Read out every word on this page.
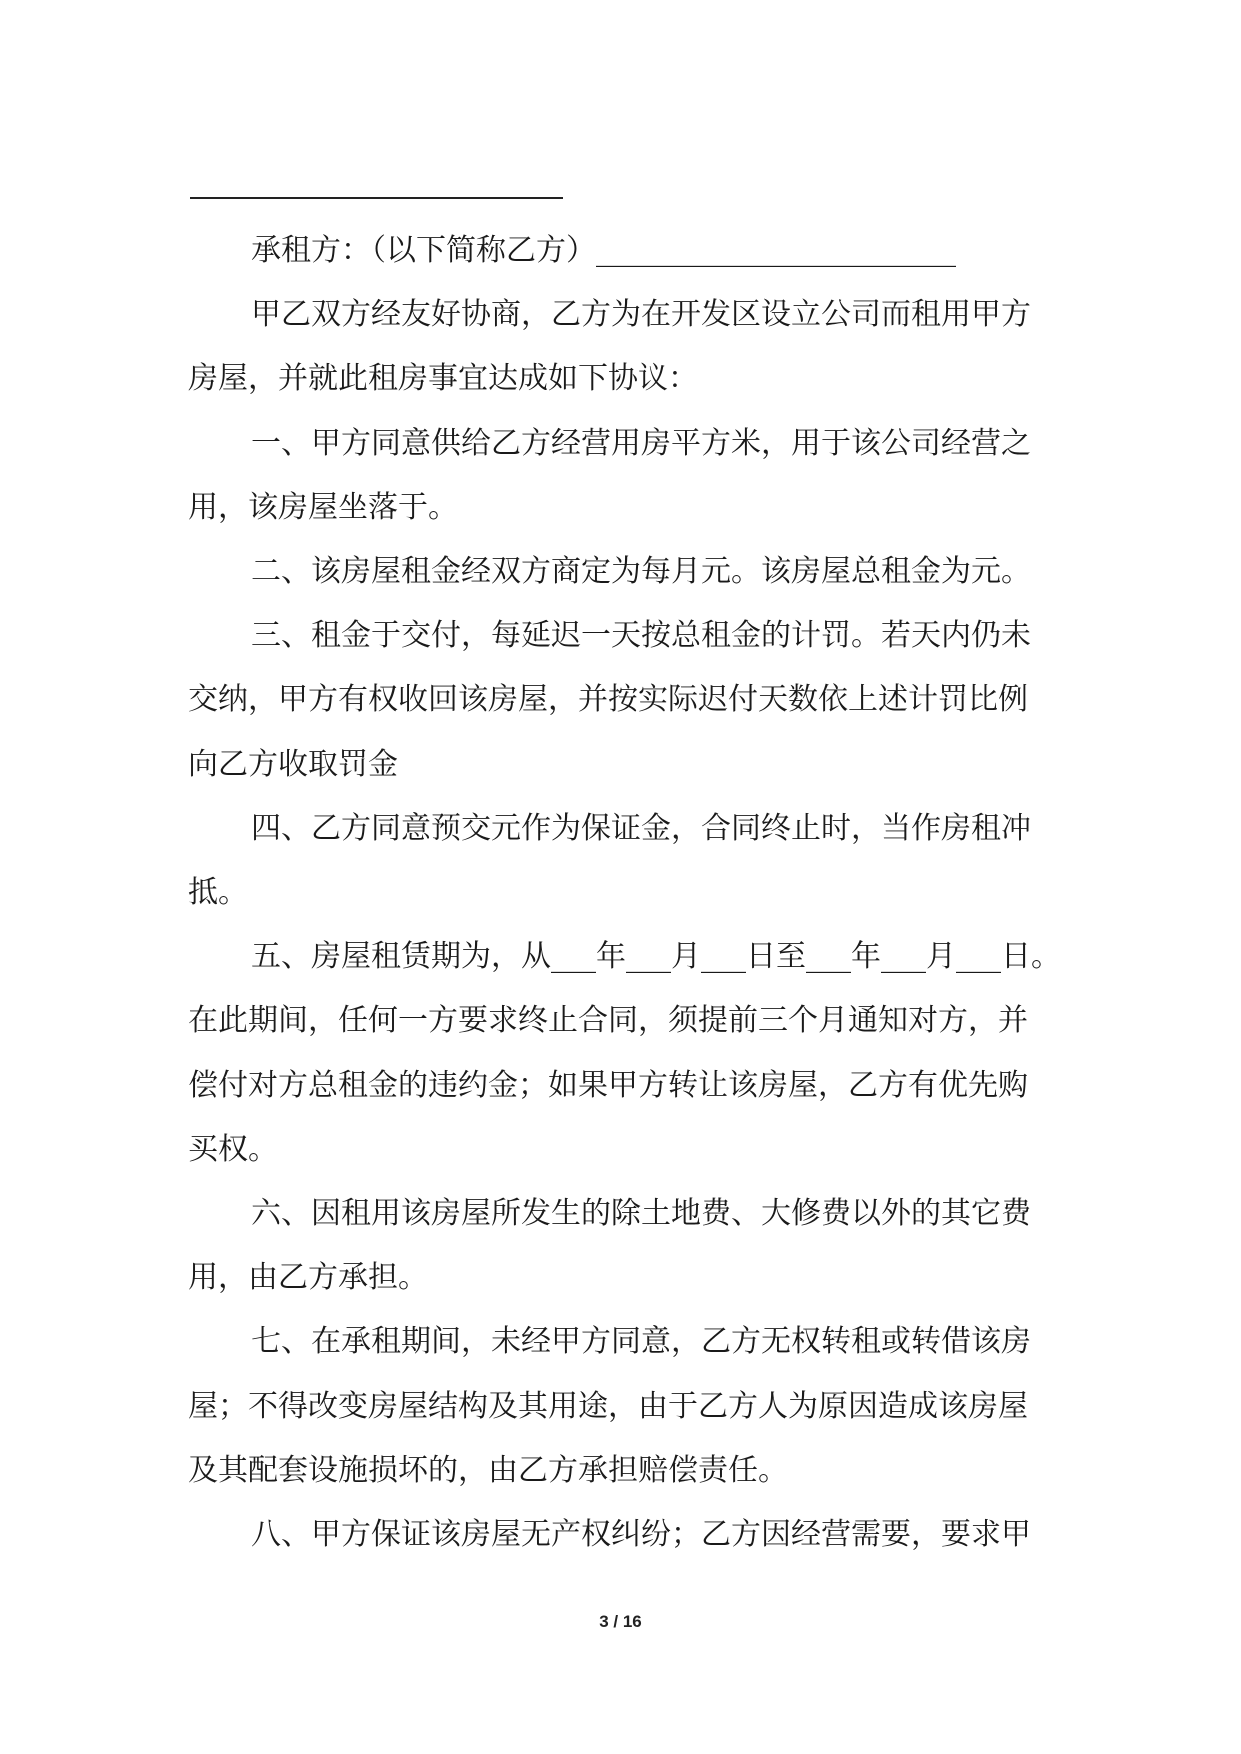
承租方：（以下简称乙方）________________________

甲乙双方经友好协商，乙方为在开发区设立公司而租用甲方

房屋，并就此租房事宜达成如下协议：

一、甲方同意供给乙方经营用房平方米，用于该公司经营之

用，该房屋坐落于。

二、该房屋租金经双方商定为每月元。该房屋总租金为元。

三、租金于交付，每延迟一天按总租金的计罚。若天内仍未

交纳，甲方有权收回该房屋，并按实际迟付天数依上述计罚比例

向乙方收取罚金

四、乙方同意预交元作为保证金，合同终止时，当作房租冲

抵。

五、房屋租赁期为，从___年___月___日至___年___月___日。

在此期间，任何一方要求终止合同，须提前三个月通知对方，并

偿付对方总租金的违约金；如果甲方转让该房屋，乙方有优先购

买权。

六、因租用该房屋所发生的除土地费、大修费以外的其它费

用，由乙方承担。

七、在承租期间，未经甲方同意，乙方无权转租或转借该房

屋；不得改变房屋结构及其用途，由于乙方人为原因造成该房屋

及其配套设施损坏的，由乙方承担赔偿责任。

八、甲方保证该房屋无产权纠纷；乙方因经营需要，要求甲

3 / 16
